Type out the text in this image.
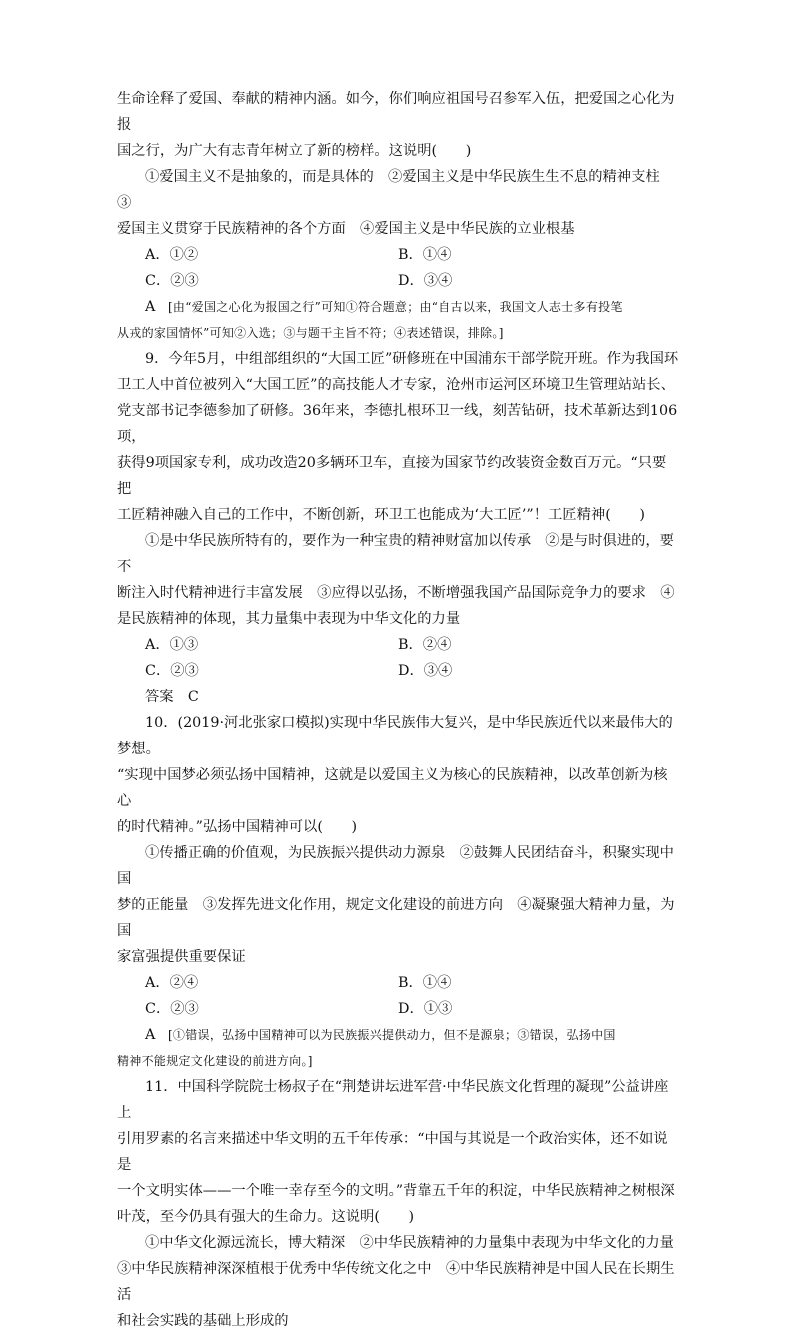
生命诠释了爱国、奉献的精神内涵。如今，你们响应祖国号召参军入伍，把爱国之心化为报

国之行，为广大有志青年树立了新的榜样。这说明(　　)

①爱国主义不是抽象的，而是具体的　②爱国主义是中华民族生生不息的精神支柱　③

爱国主义贯穿于民族精神的各个方面　④爱国主义是中华民族的立业根基

A．①②	B．①④
C．②③	D．③④

A　 [由“爱国之心化为报国之行”可知①符合题意；由“自古以来，我国文人志士多有投笔

从戎的家国情怀”可知②入选；③与题干主旨不符；④表述错误，排除。]

9．今年5月，中组部组织的“大国工匠”研修班在中国浦东干部学院开班。作为我国环

卫工人中首位被列入“大国工匠”的高技能人才专家，沧州市运河区环境卫生管理站站长、

党支部书记李德参加了研修。36年来，李德扎根环卫一线，刻苦钻研，技术革新达到106项，

获得9项国家专利，成功改造20多辆环卫车，直接为国家节约改装资金数百万元。“只要把

工匠精神融入自己的工作中，不断创新，环卫工也能成为‘大工匠’”！工匠精神(　　)

①是中华民族所特有的，要作为一种宝贵的精神财富加以传承　②是与时俱进的，要不

断注入时代精神进行丰富发展　③应得以弘扬，不断增强我国产品国际竞争力的要求　④

是民族精神的体现，其力量集中表现为中华文化的力量

A．①③	B．②④
C．②③	D．③④

答案　C

10．(2019·河北张家口模拟)实现中华民族伟大复兴，是中华民族近代以来最伟大的梦想。

“实现中国梦必须弘扬中国精神，这就是以爱国主义为核心的民族精神，以改革创新为核心

的时代精神。”弘扬中国精神可以(　　)

①传播正确的价值观，为民族振兴提供动力源泉　②鼓舞人民团结奋斗，积聚实现中国

梦的正能量　③发挥先进文化作用，规定文化建设的前进方向　④凝聚强大精神力量，为国

家富强提供重要保证

A．②④	B．①④
C．②③	D．①③

A　 [①错误，弘扬中国精神可以为民族振兴提供动力，但不是源泉；③错误，弘扬中国

精神不能规定文化建设的前进方向。]

11．中国科学院院士杨叔子在“荆楚讲坛进军营·中华民族文化哲理的凝现”公益讲座上

引用罗素的名言来描述中华文明的五千年传承：“中国与其说是一个政治实体，还不如说是

一个文明实体——一个唯一幸存至今的文明。”背靠五千年的积淀，中华民族精神之树根深

叶茂，至今仍具有强大的生命力。这说明(　　)

①中华文化源远流长，博大精深　②中华民族精神的力量集中表现为中华文化的力量

③中华民族精神深深植根于优秀中华传统文化之中　④中华民族精神是中国人民在长期生活

和社会实践的基础上形成的
